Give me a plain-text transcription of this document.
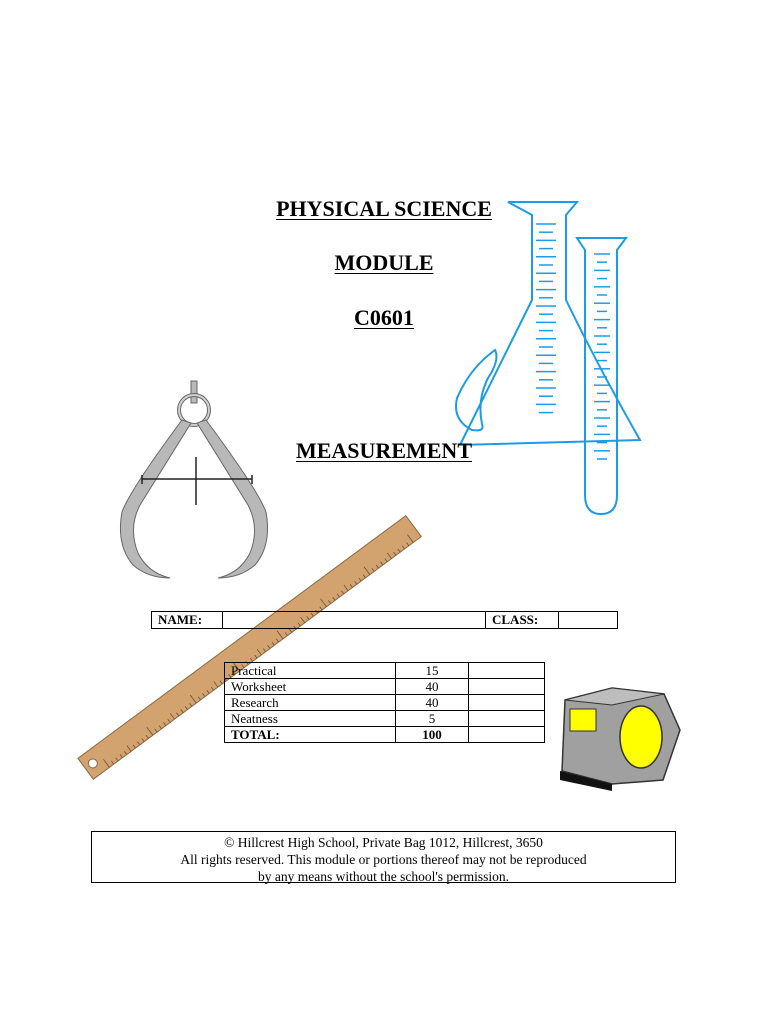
PHYSICAL SCIENCE
MODULE
C0601
MEASUREMENT
NAME:		CLASS:	
Practical	15	
Worksheet	40	
Research	40	
Neatness	5	
TOTAL:	100	
© Hillcrest High School, Private Bag 1012, Hillcrest, 3650
All rights reserved. This module or portions thereof may not be reproduced
by any means without the school's permission.
